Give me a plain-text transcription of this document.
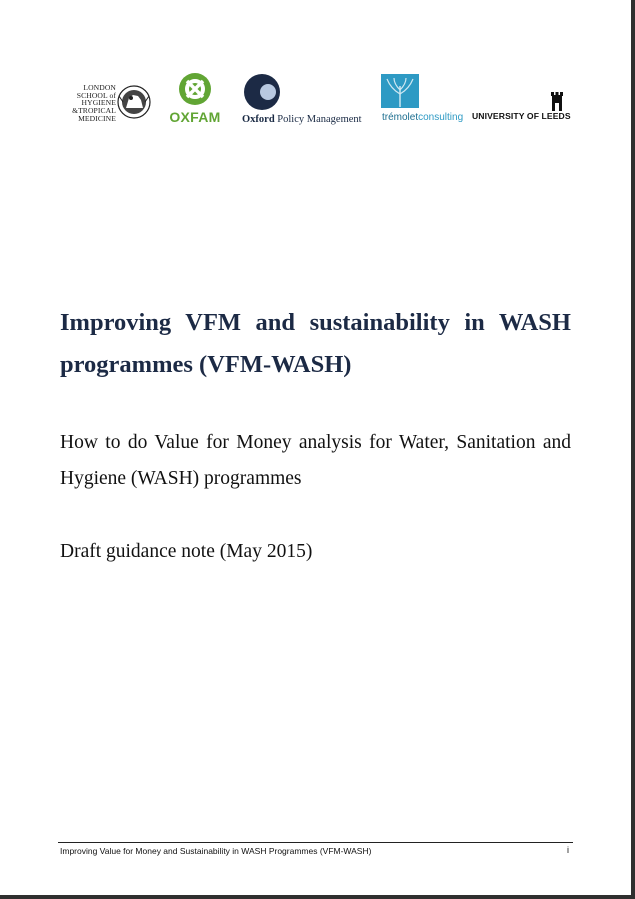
LONDON
SCHOOL of
HYGIENE
&TROPICAL
MEDICINE	OXFAM Oxford Policy Management trémoletconsulting UNIVERSITY OF LEEDS
Improving VFM and sustainability in WASH programmes (VFM-WASH)

How to do Value for Money analysis for Water, Sanitation and Hygiene (WASH) programmes

Draft guidance note (May 2015)

Improving Value for Money and Sustainability in WASH Programmes (VFM-WASH)	i
